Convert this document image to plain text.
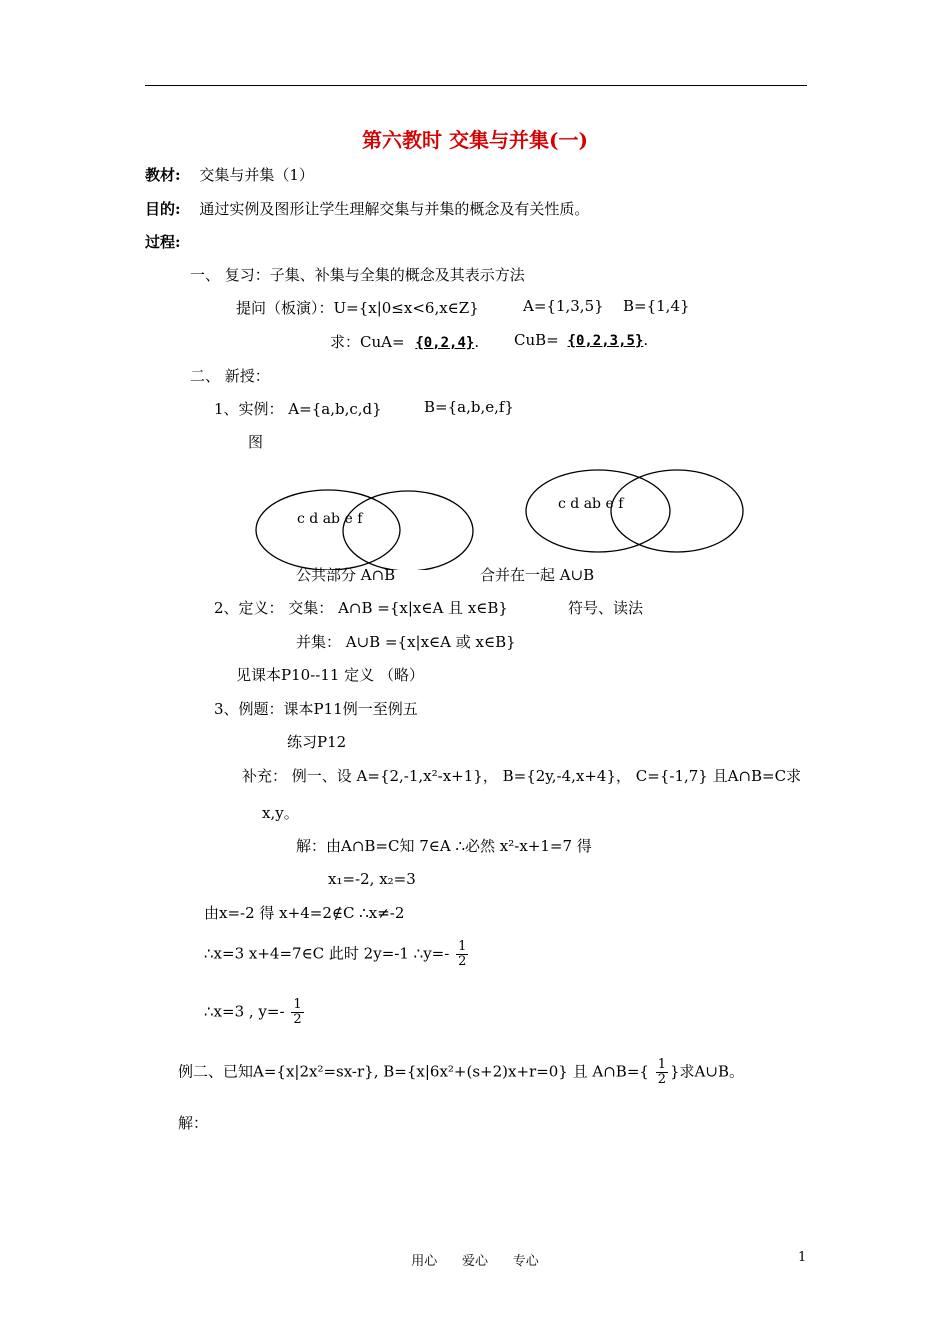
第六教时 交集与并集(一)
教材: 交集与并集（1）
目的: 通过实例及图形让学生理解交集与并集的概念及有关性质。
过程:
一、 复习：子集、补集与全集的概念及其表示方法
提问（板演）：U={x|0≤x<6,x∈Z}	A={1,3,5} B={1,4}
求：CuA= {0,2,4}. CuB= {0,2,3,5}.
二、 新授：
1、实例： A={a,b,c,d}	B={a,b,e,f}
图
c d ab e f
c d ab e f
公共部分 A∩B	合并在一起 A∪B
2、定义： 交集： A∩B ={x|x∈A 且 x∈B}	符号、读法
并集： A∪B ={x|x∈A 或 x∈B}
见课本P10--11 定义 （略）
3、例题：课本P11例一至例五
练习P12
补充： 例一、设 A={2,-1,x²-x+1}， B={2y,-4,x+4}， C={-1,7} 且A∩B=C求
x,y。
解：由A∩B=C知 7∈A ∴必然 x²-x+1=7 得
x₁=-2, x₂=3
由x=-2 得 x+4=2∉C ∴x≠-2
∴x=3 x+4=7∈C 此时 2y=-1 ∴y=- $\frac{1}{2}$
∴x=3 , $y=- \frac{1}{2}$
例二、已知A={x|2x²=sx-r}, B={x|6x²+(s+2)x+r=0} 且 A∩B={ $\frac{1}{2}$ }求A∪B。
解：
用心      爱心      专心	1
